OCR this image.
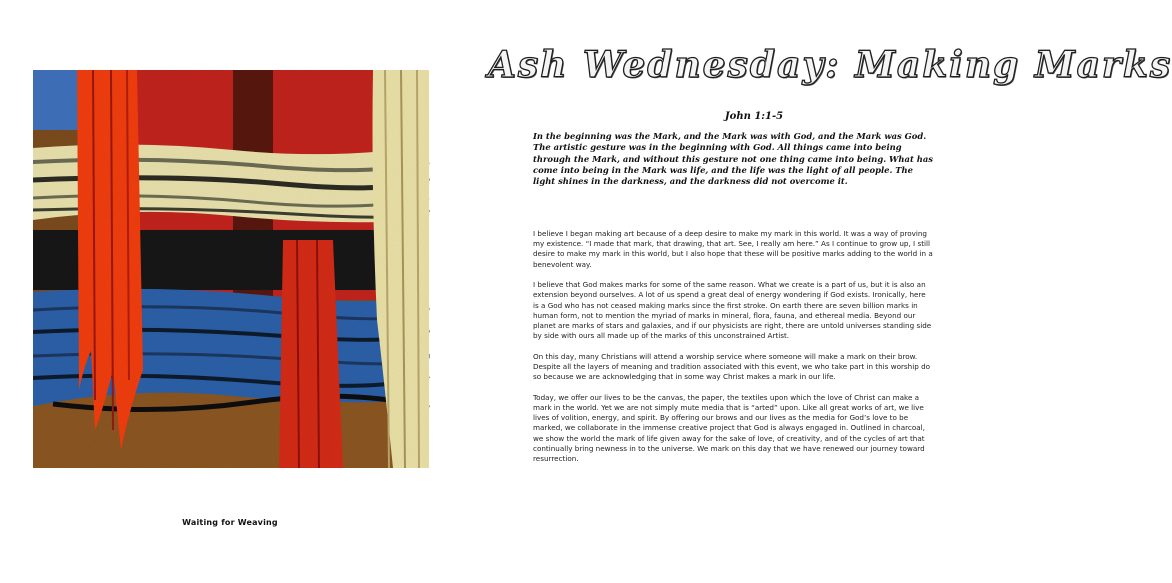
Waiting for Weaving
Ash Wednesday: Making Marks
John 1:1-5
In the beginning was the Mark, and the Mark was with God, and the Mark was God. The artistic gesture was in the beginning with God. All things came into being through the Mark, and without this gesture not one thing came into being. What has come into being in the Mark was life, and the life was the light of all people. The light shines in the darkness, and the darkness did not overcome it.

I believe I began making art because of a deep desire to make my mark in this world. It was a way of proving my existence. “I made that mark, that drawing, that art. See, I really am here.” As I continue to grow up, I still desire to make my mark in this world, but I also hope that these will be positive marks adding to the world in a benevolent way.

I believe that God makes marks for some of the same reason. What we create is a part of us, but it is also an extension beyond ourselves. A lot of us spend a great deal of energy wondering if God exists. Ironically, here is a God who has not ceased making marks since the first stroke. On earth there are seven billion marks in human form, not to mention the myriad of marks in mineral, flora, fauna, and ethereal media. Beyond our planet are marks of stars and galaxies, and if our physicists are right, there are untold universes standing side by side with ours all made up of the marks of this unconstrained Artist.

On this day, many Christians will attend a worship service where someone will make a mark on their brow. Despite all the layers of meaning and tradition associated with this event, we who take part in this worship do so because we are acknowledging that in some way Christ makes a mark in our life.

Today, we offer our lives to be the canvas, the paper, the textiles upon which the love of Christ can make a mark in the world. Yet we are not simply mute media that is “arted” upon. Like all great works of art, we live lives of volition, energy, and spirit. By offering our brows and our lives as the media for God’s love to be marked, we collaborate in the immense creative project that God is always engaged in. Outlined in charcoal, we show the world the mark of life given away for the sake of love, of creativity, and of the cycles of art that continually bring newness in to the universe. We mark on this day that we have renewed our journey toward resurrection.
